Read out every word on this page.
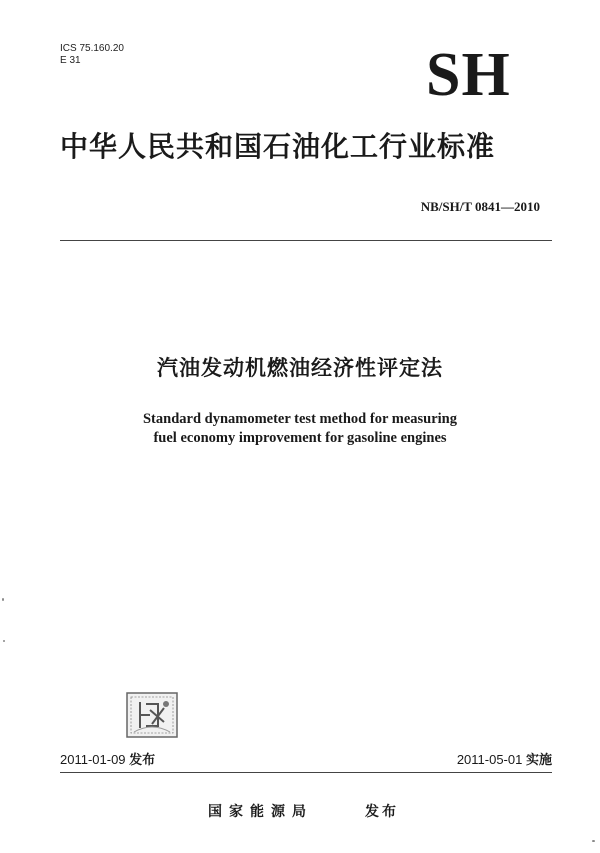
ICS 75.160.20
E 31	SH
中华人民共和国石油化工行业标准
NB/SH/T 0841—2010
汽油发动机燃油经济性评定法
Standard dynamometer test method for measuring
fuel economy improvement for gasoline engines
2011-01-09 发布	2011-05-01 实施
国家能源局	发布
